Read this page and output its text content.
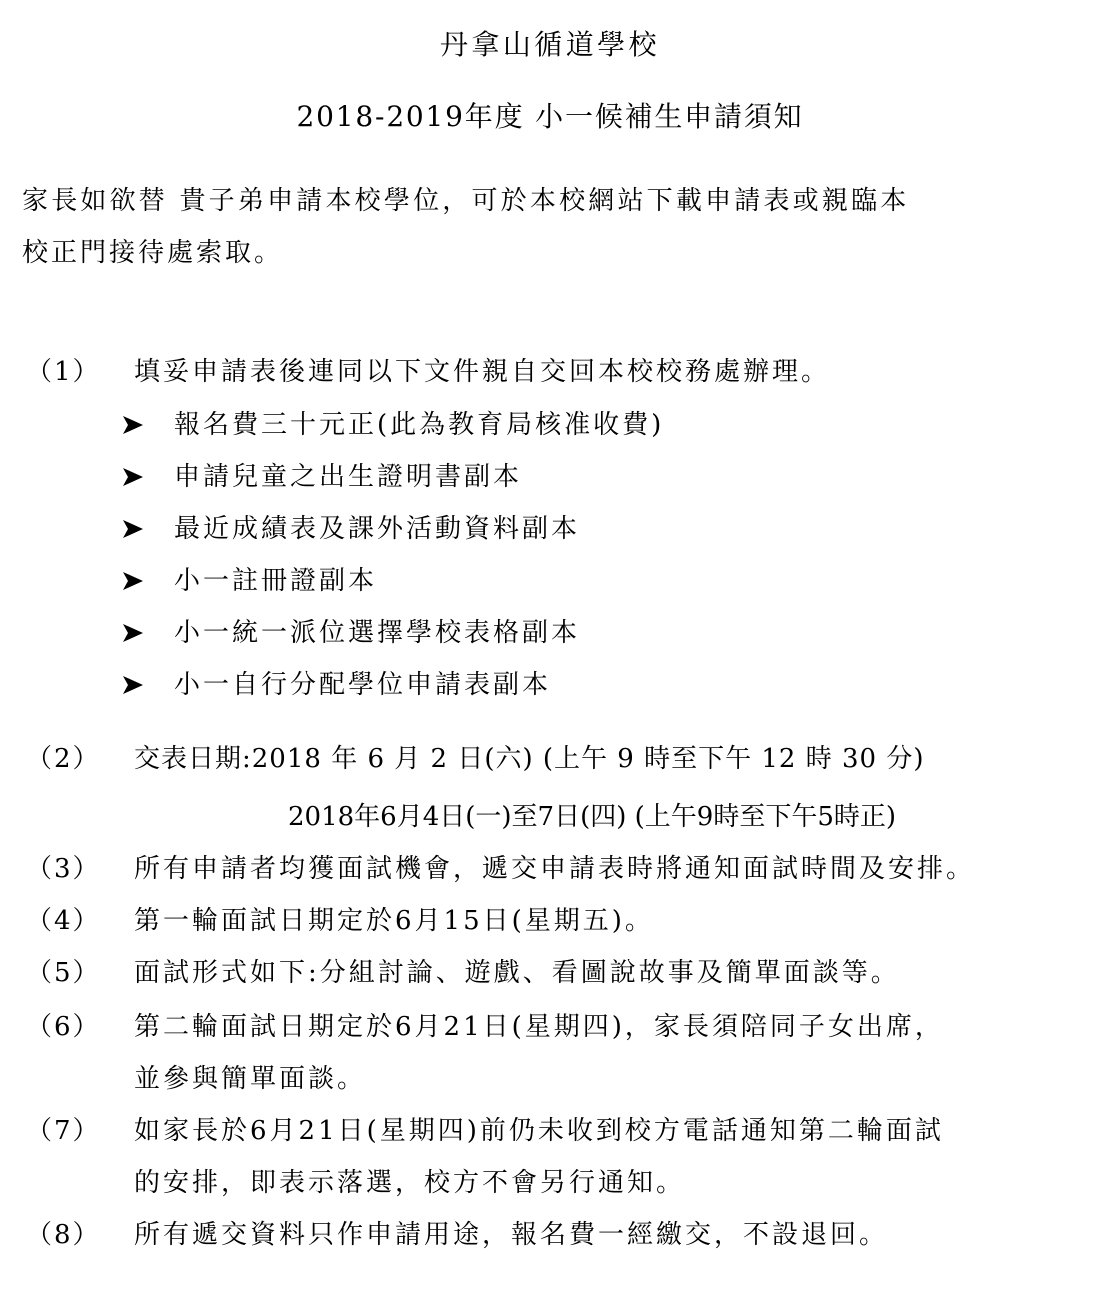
丹拿山循道學校
2018-2019年度 小一候補生申請須知
家長如欲替 貴子弟申請本校學位，可於本校網站下載申請表或親臨本
校正門接待處索取。
（1）	填妥申請表後連同以下文件親自交回本校校務處辦理。
報名費三十元正(此為教育局核准收費)
申請兒童之出生證明書副本
最近成績表及課外活動資料副本
小一註冊證副本
小一統一派位選擇學校表格副本
小一自行分配學位申請表副本
（2）	交表日期:2018 年 6 月 2 日(六) (上午 9 時至下午 12 時 30 分)
2018年6月4日(一)至7日(四) (上午9時至下午5時正)
（3）	所有申請者均獲面試機會，遞交申請表時將通知面試時間及安排。
（4）	第一輪面試日期定於6月15日(星期五)。
（5）	面試形式如下:分組討論、遊戲、看圖說故事及簡單面談等。
（6）	第二輪面試日期定於6月21日(星期四)，家長須陪同子女出席，
並參與簡單面談。
（7）	如家長於6月21日(星期四)前仍未收到校方電話通知第二輪面試
的安排，即表示落選，校方不會另行通知。
（8）	所有遞交資料只作申請用途，報名費一經繳交，不設退回。
